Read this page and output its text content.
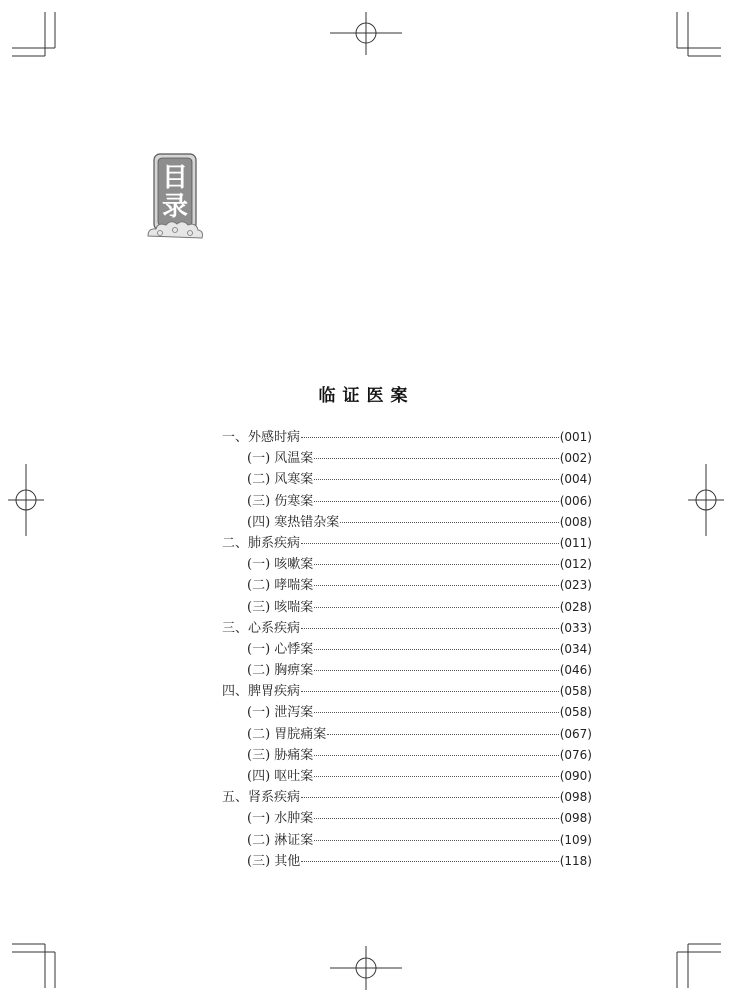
目
录
临证医案
一、外感时病	(001)
(一) 风温案	(002)
(二) 风寒案	(004)
(三) 伤寒案	(006)
(四) 寒热错杂案	(008)
二、肺系疾病	(011)
(一) 咳嗽案	(012)
(二) 哮喘案	(023)
(三) 咳喘案	(028)
三、心系疾病	(033)
(一) 心悸案	(034)
(二) 胸痹案	(046)
四、脾胃疾病	(058)
(一) 泄泻案	(058)
(二) 胃脘痛案	(067)
(三) 胁痛案	(076)
(四) 呕吐案	(090)
五、肾系疾病	(098)
(一) 水肿案	(098)
(二) 淋证案	(109)
(三) 其他	(118)
